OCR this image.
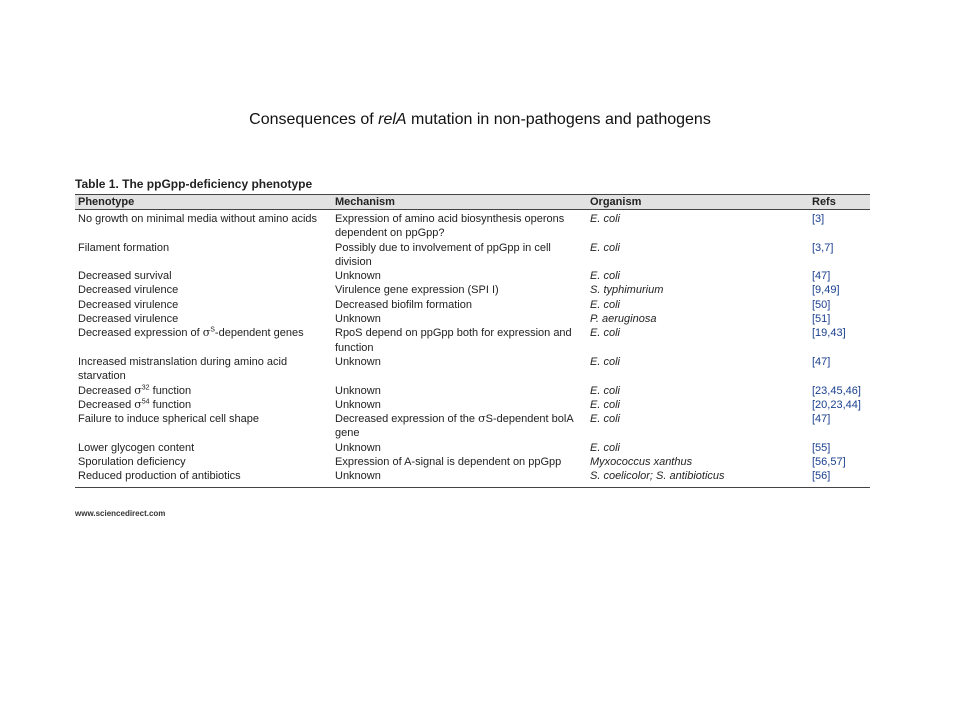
Consequences of relA mutation in non-pathogens and pathogens
Table 1. The ppGpp-deficiency phenotype
Phenotype	Mechanism	Organism	Refs
No growth on minimal media without amino acids	Expression of amino acid biosynthesis operons dependent on ppGpp?	E. coli	[3]
Filament formation	Possibly due to involvement of ppGpp in cell division	E. coli	[3,7]
Decreased survival	Unknown	E. coli	[47]
Decreased virulence	Virulence gene expression (SPI I)	S. typhimurium	[9,49]
Decreased virulence	Decreased biofilm formation	E. coli	[50]
Decreased virulence	Unknown	P. aeruginosa	[51]
Decreased expression of $\sigma^S$-dependent genes	RpoS depend on ppGpp both for expression and function	E. coli	[19,43]
Increased mistranslation during amino acid starvation	Unknown	E. coli	[47]
Decreased $\sigma^{32}$ function	Unknown	E. coli	[23,45,46]
Decreased $\sigma^{54}$ function	Unknown	E. coli	[20,23,44]
Failure to induce spherical cell shape	Decreased expression of the σS-dependent bolA gene	E. coli	[47]
Lower glycogen content	Unknown	E. coli	[55]
Sporulation deficiency	Expression of A-signal is dependent on ppGpp	Myxococcus xanthus	[56,57]
Reduced production of antibiotics	Unknown	S. coelicolor; S. antibioticus	[56]
www.sciencedirect.com
